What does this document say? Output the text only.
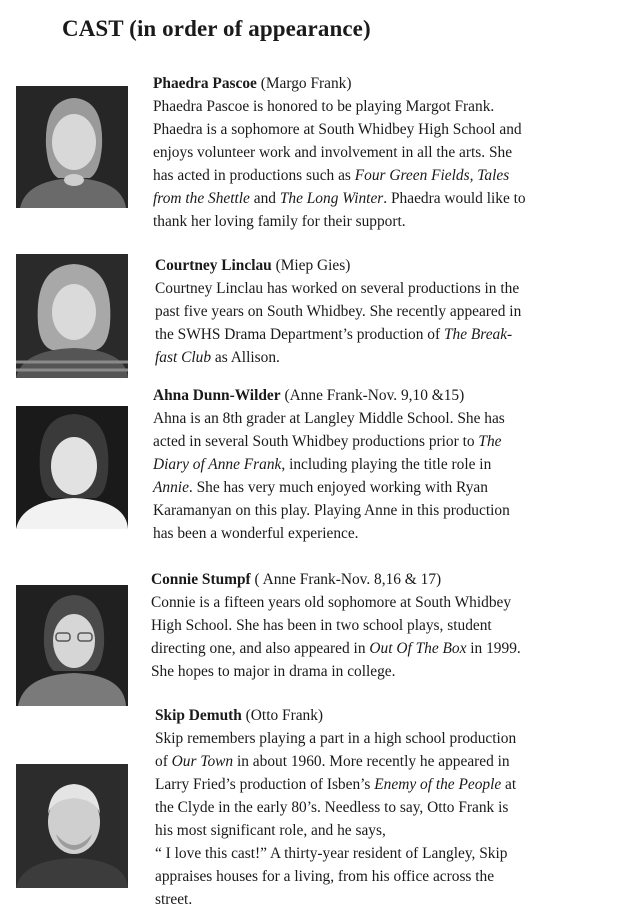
CAST (in order of appearance)
Phaedra Pascoe (Margo Frank)
Phaedra Pascoe is honored to be playing Margot Frank.
Phaedra is a sophomore at South Whidbey High School and
enjoys volunteer work and involvement in all the arts. She
has acted in productions such as Four Green Fields, Tales
from the Shettle and The Long Winter. Phaedra would like to
thank her loving family for their support.
Courtney Linclau (Miep Gies)
Courtney Linclau has worked on several productions in the
past five years on South Whidbey. She recently appeared in
the SWHS Drama Department’s production of The Break-
fast Club as Allison.
Ahna Dunn-Wilder (Anne Frank-Nov. 9,10 &15)
Ahna is an 8th grader at Langley Middle School. She has
acted in several South Whidbey productions prior to The
Diary of Anne Frank, including playing the title role in
Annie. She has very much enjoyed working with Ryan
Karamanyan on this play. Playing Anne in this production
has been a wonderful experience.
Connie Stumpf ( Anne Frank-Nov. 8,16 & 17)
Connie is a fifteen years old sophomore at South Whidbey
High School. She has been in two school plays, student
directing one, and also appeared in Out Of The Box in 1999.
She hopes to major in drama in college.
Skip Demuth (Otto Frank)
Skip remembers playing a part in a high school production
of Our Town in about 1960. More recently he appeared in
Larry Fried’s production of Isben’s Enemy of the People at
the Clyde in the early 80’s. Needless to say, Otto Frank is
his most significant role, and he says,
“ I love this cast!” A thirty-year resident of Langley, Skip
appraises houses for a living, from his office across the
street.
